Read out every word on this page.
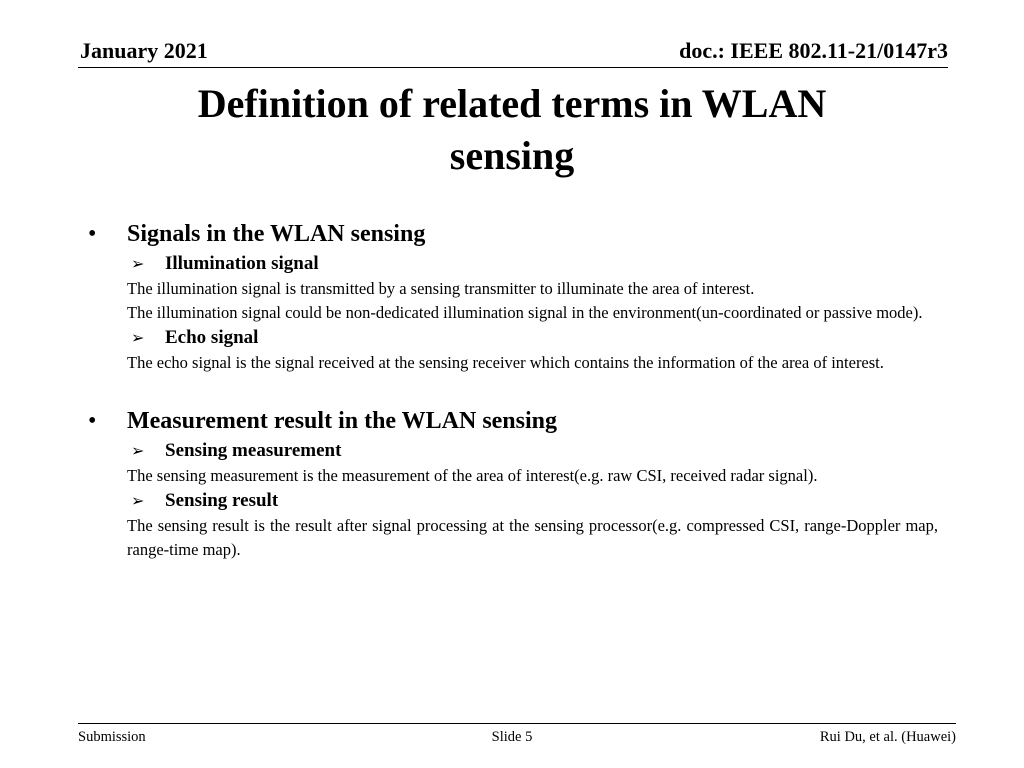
January 2021	doc.: IEEE 802.11-21/0147r3
Definition of related terms in WLAN
sensing
•	Signals in the WLAN sensing
➢	Illumination signal

The illumination signal is transmitted by a sensing transmitter to illuminate the area of interest.

The illumination signal could be non-dedicated illumination signal in the environment(un-coordinated or passive mode).

➢	Echo signal

The echo signal is the signal received at the sensing receiver which contains the information of the area of interest.

•	Measurement result in the WLAN sensing
➢	Sensing measurement

The sensing measurement is the measurement of the area of interest(e.g. raw CSI, received radar signal).

➢	Sensing result

The sensing result is the result after signal processing at the sensing processor(e.g. compressed CSI, range-Doppler map, range-time map).

Submission	Slide 5	Rui Du, et al. (Huawei)
